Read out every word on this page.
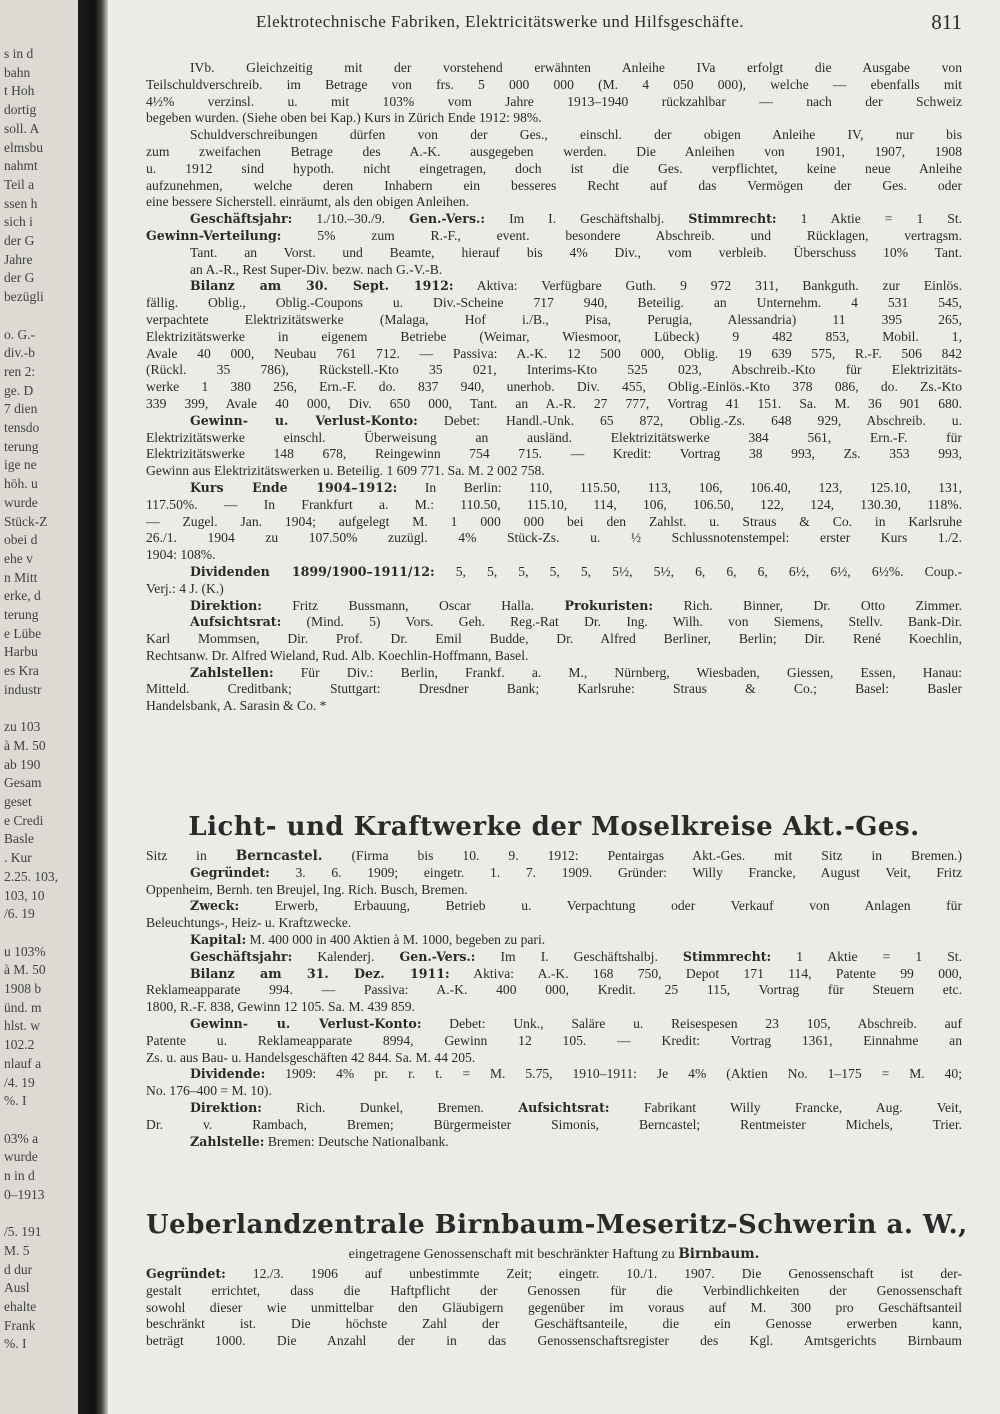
s in d
bahn
t Hoh
dortig
soll. A
elmsbu
nahmt
Teil a
ssen h
sich i
der G
Jahre
der G
bezügli
o. G.-
div.-b
ren 2:
ge. D
7 dien
tensdo
terung
ige ne
höh. u
wurde
Stück-Z
obei d
ehe v
n Mitt
erke, d
terung
e Lübe
Harbu
es Kra
industr
zu 103
à M. 50
ab 190
Gesam
geset
e Credi
Basle
. Kur
2.25. 103,
103, 10
/6. 19
u 103%
à M. 50
1908 b
ünd. m
hlst. w
102.2
nlauf a
/4. 19
%. I
03% a
wurde
n in d
0–1913
/5. 191
M. 5
d dur
Ausl
ehalte
Frank
%. I
Elektrotechnische Fabriken, Elektricitätswerke und Hilfsgeschäfte.	811
IVb. Gleichzeitig mit der vorstehend erwähnten Anleihe IVa erfolgt die Ausgabe von
Teilschuldverschreib. im Betrage von frs. 5 000 000 (M. 4 050 000), welche — ebenfalls mit
4½% verzinsl. u. mit 103% vom Jahre 1913–1940 rückzahlbar — nach der Schweiz
begeben wurden. (Siehe oben bei Kap.) Kurs in Zürich Ende 1912: 98%.
Schuldverschreibungen dürfen von der Ges., einschl. der obigen Anleihe IV, nur bis
zum zweifachen Betrage des A.-K. ausgegeben werden. Die Anleihen von 1901, 1907, 1908
u. 1912 sind hypoth. nicht eingetragen, doch ist die Ges. verpflichtet, keine neue Anleihe
aufzunehmen, welche deren Inhabern ein besseres Recht auf das Vermögen der Ges. oder
eine bessere Sicherstell. einräumt, als den obigen Anleihen.
Geschäftsjahr: 1./10.–30./9. Gen.-Vers.: Im I. Geschäftshalbj. Stimmrecht: 1 Aktie = 1 St.
Gewinn-Verteilung:	5% zum R.-F., event. besondere Abschreib. und Rücklagen, vertragsm.
Tant. an Vorst. und Beamte, hierauf bis 4% Div., vom verbleib. Überschuss 10% Tant.
an A.-R., Rest Super-Div. bezw. nach G.-V.-B.
Bilanz am 30. Sept. 1912: Aktiva: Verfügbare Guth. 9 972 311, Bankguth. zur Einlös.
fällig. Oblig., Oblig.-Coupons u. Div.-Scheine 717 940, Beteilig. an Unternehm. 4 531 545,
verpachtete Elektrizitätswerke (Malaga, Hof i./B., Pisa, Perugia, Alessandria) 11 395 265,
Elektrizitätswerke in eigenem Betriebe (Weimar, Wiesmoor, Lübeck) 9 482 853, Mobil. 1,
Avale 40 000, Neubau 761 712. — Passiva: A.-K. 12 500 000, Oblig. 19 639 575, R.-F. 506 842
(Rückl. 35 786), Rückstell.-Kto 35 021, Interims-Kto 525 023, Abschreib.-Kto für Elektrizitäts-
werke 1 380 256, Ern.-F. do. 837 940, unerhob. Div. 455, Oblig.-Einlös.-Kto 378 086, do. Zs.-Kto
339 399, Avale 40 000, Div. 650 000, Tant. an A.-R. 27 777, Vortrag 41 151. Sa. M. 36 901 680.
Gewinn- u. Verlust-Konto: Debet: Handl.-Unk. 65 872, Oblig.-Zs. 648 929, Abschreib. u.
Elektrizitätswerke einschl. Überweisung an ausländ. Elektrizitätswerke 384 561, Ern.-F. für
Elektrizitätswerke 148 678, Reingewinn 754 715. — Kredit: Vortrag 38 993, Zs. 353 993,
Gewinn aus Elektrizitätswerken u. Beteilig. 1 609 771. Sa. M. 2 002 758.
Kurs Ende 1904–1912: In Berlin: 110, 115.50, 113, 106, 106.40, 123, 125.10, 131,
117.50%. — In Frankfurt a. M.: 110.50, 115.10, 114, 106, 106.50, 122, 124, 130.30, 118%.
— Zugel. Jan. 1904; aufgelegt M. 1 000 000 bei den Zahlst. u. Straus & Co. in Karlsruhe
26./1. 1904 zu 107.50% zuzügl. 4% Stück-Zs. u. ½ Schlussnotenstempel: erster Kurs 1./2.
1904: 108%.
Dividenden 1899/1900–1911/12: 5, 5, 5, 5, 5, 5½, 5½, 6, 6, 6, 6½, 6½, 6½%. Coup.-
Verj.: 4 J. (K.)
Direktion: Fritz Bussmann, Oscar Halla. Prokuristen: Rich. Binner, Dr. Otto Zimmer.
Aufsichtsrat: (Mind. 5) Vors. Geh. Reg.-Rat Dr. Ing. Wilh. von Siemens, Stellv. Bank-Dir.
Karl Mommsen, Dir. Prof. Dr. Emil Budde, Dr. Alfred Berliner, Berlin; Dir. René Koechlin,
Rechtsanw. Dr. Alfred Wieland, Rud. Alb. Koechlin-Hoffmann, Basel.
Zahlstellen: Für Div.: Berlin, Frankf. a. M., Nürnberg, Wiesbaden, Giessen, Essen, Hanau:
Mitteld. Creditbank; Stuttgart: Dresdner Bank; Karlsruhe: Straus & Co.; Basel: Basler
Handelsbank, A. Sarasin & Co. *
Licht- und Kraftwerke der Moselkreise Akt.-Ges.
Sitz in Berncastel. (Firma bis 10. 9. 1912: Pentairgas Akt.-Ges. mit Sitz in Bremen.)
Gegründet: 3. 6. 1909; eingetr. 1. 7. 1909. Gründer: Willy Francke, August Veit, Fritz
Oppenheim, Bernh. ten Breujel, Ing. Rich. Busch, Bremen.
Zweck:	Erwerb, Erbauung, Betrieb u. Verpachtung oder Verkauf von Anlagen für
Beleuchtungs-, Heiz- u. Kraftzwecke.
Kapital: M. 400 000 in 400 Aktien à M. 1000, begeben zu pari.
Geschäftsjahr: Kalenderj. Gen.-Vers.: Im I. Geschäftshalbj. Stimmrecht: 1 Aktie = 1 St.
Bilanz am 31. Dez. 1911: Aktiva: A.-K. 168 750, Depot 171 114, Patente 99 000,
Reklameapparate 994. — Passiva: A.-K. 400 000, Kredit. 25 115, Vortrag für Steuern etc.
1800, R.-F. 838, Gewinn 12 105. Sa. M. 439 859.
Gewinn- u. Verlust-Konto: Debet: Unk., Saläre u. Reisespesen 23 105, Abschreib. auf
Patente u. Reklameapparate 8994, Gewinn 12 105. — Kredit: Vortrag 1361, Einnahme an
Zs. u. aus Bau- u. Handelsgeschäften 42 844. Sa. M. 44 205.
Dividende: 1909: 4% pr. r. t. = M. 5.75, 1910–1911: Je 4% (Aktien No. 1–175 = M. 40;
No. 176–400 = M. 10).
Direktion:	Rich. Dunkel, Bremen.	Aufsichtsrat:	Fabrikant Willy Francke, Aug. Veit,
Dr. v. Rambach, Bremen; Bürgermeister Simonis, Berncastel; Rentmeister Michels, Trier.
Zahlstelle: Bremen: Deutsche Nationalbank.
Ueberlandzentrale Birnbaum-Meseritz-Schwerin a. W.,
eingetragene Genossenschaft mit beschränkter Haftung zu Birnbaum.
Gegründet: 12./3. 1906 auf unbestimmte Zeit; eingetr. 10./1. 1907. Die Genossenschaft ist der-
gestalt errichtet, dass die Haftpflicht der Genossen für die Verbindlichkeiten der Genossenschaft
sowohl dieser wie unmittelbar den Gläubigern gegenüber im voraus auf M. 300 pro Geschäftsanteil
beschränkt ist. Die höchste Zahl der Geschäftsanteile, die ein Genosse erwerben kann,
beträgt 1000. Die Anzahl der in das Genossenschaftsregister des Kgl. Amtsgerichts Birnbaum
